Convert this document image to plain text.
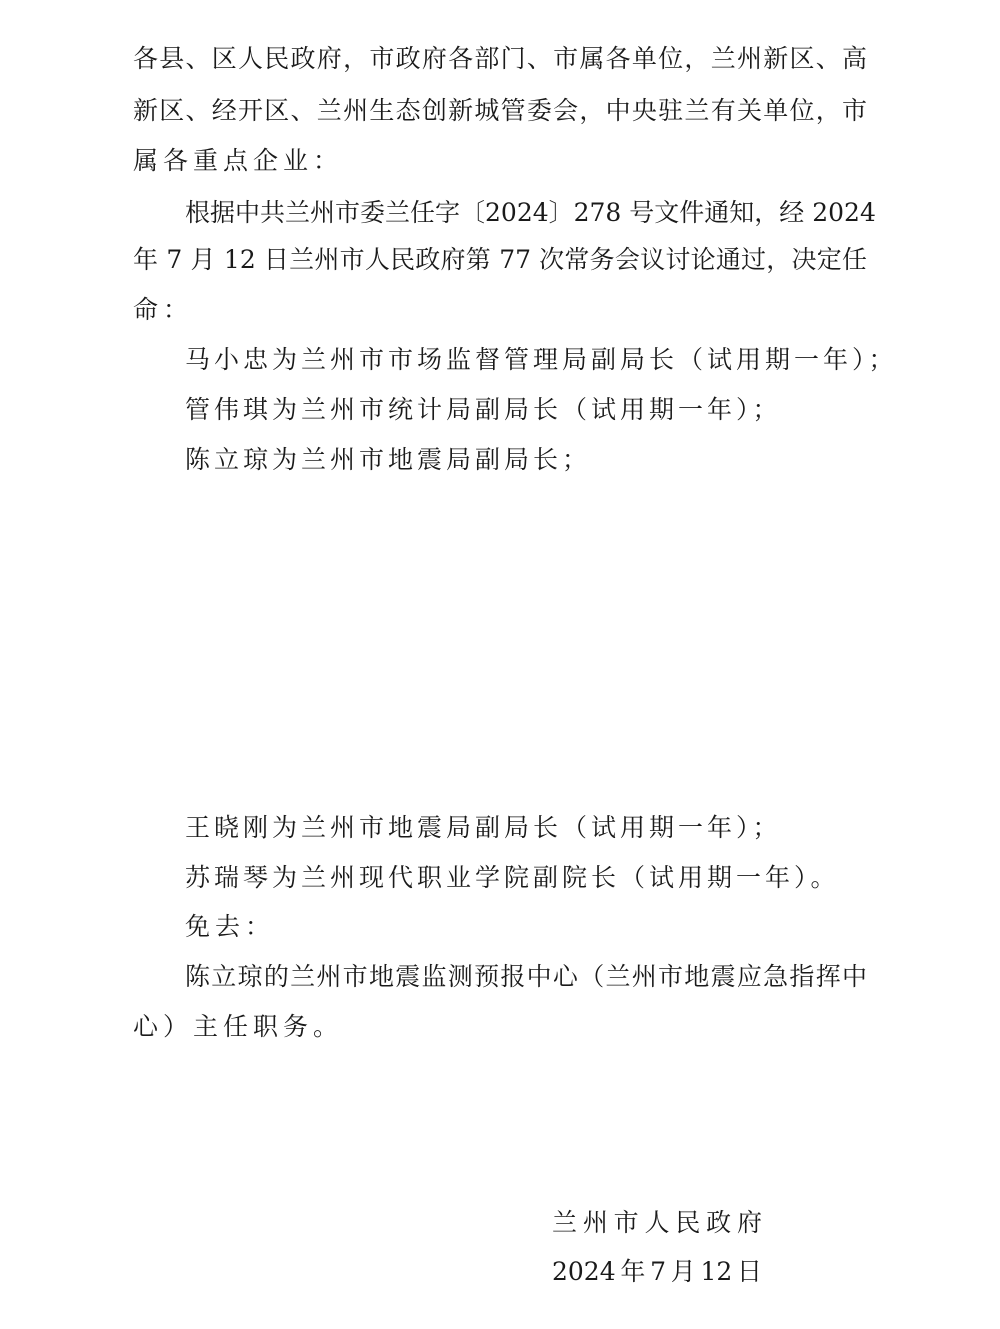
各县、区人民政府，市政府各部门、市属各单位，兰州新区、高
新区、经开区、兰州生态创新城管委会，中央驻兰有关单位，市
属各重点企业：
根据中共兰州市委兰任字〔2024〕278 号文件通知，经 2024
年 7 月 12 日兰州市人民政府第 77 次常务会议讨论通过，决定任
命：
马小忠为兰州市市场监督管理局副局长（试用期一年）；
管伟琪为兰州市统计局副局长（试用期一年）；
陈立琼为兰州市地震局副局长；
王晓刚为兰州市地震局副局长（试用期一年）；
苏瑞琴为兰州现代职业学院副院长（试用期一年）。
免去：
陈立琼的兰州市地震监测预报中心（兰州市地震应急指挥中
心）主任职务。
兰州市人民政府
2024年7月12日
